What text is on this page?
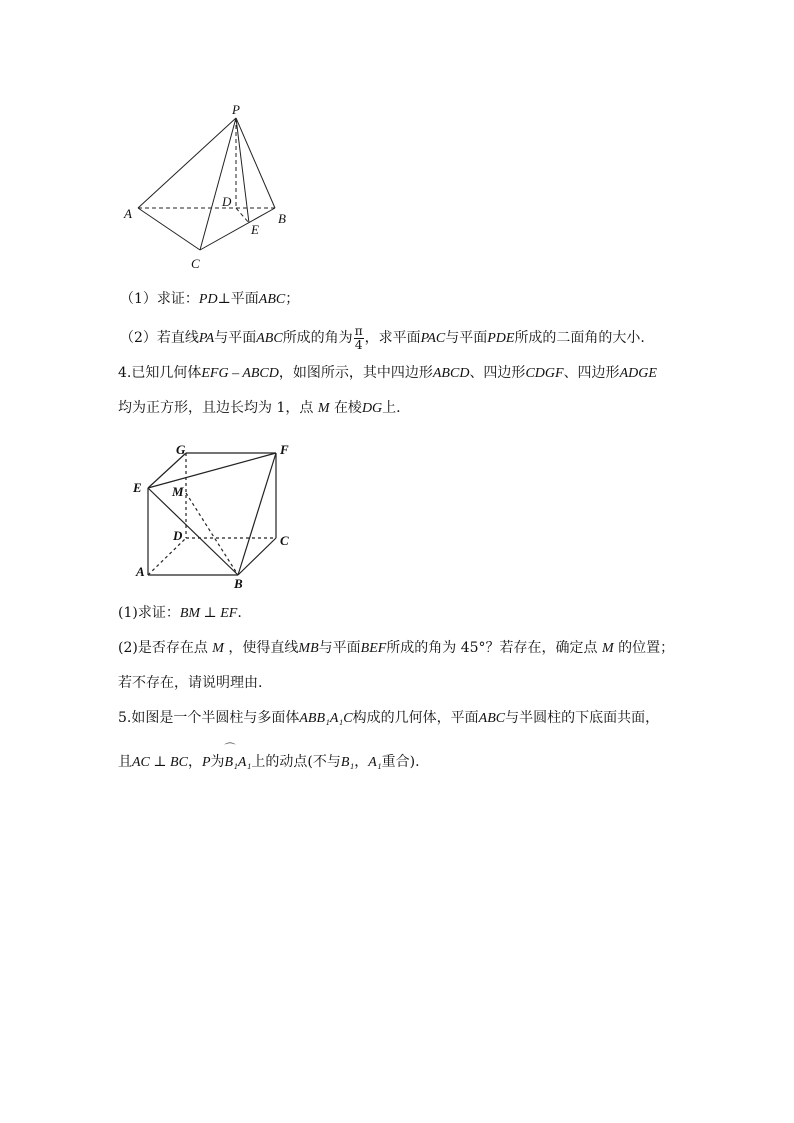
P
A
D
B
E
C
（1）求证：PD⊥平面ABC；
（2）若直线PA与平面ABC所成的角为 $\frac{\pi}{4}$ ，求平面PAC与平面PDE所成的二面角的大小.
4.已知几何体EFG – ABCD，如图所示，其中四边形ABCD、四边形CDGF、四边形ADGE
均为正方形，且边长均为 1，点 M 在棱DG上.
G	F
E M
D	C
A
B
(1)求证：BM ⊥ EF.
(2)是否存在点 M ，使得直线MB与平面BEF所成的角为 45°？若存在，确定点 M 的位置；
若不存在，请说明理由.
5.如图是一个半圆柱与多面体ABB₁A₁C构成的几何体，平面ABC与半圆柱的下底面共面，
且AC ⊥ BC，P为
⌒
B₁A₁上的动点(不与B₁，A₁重合).
